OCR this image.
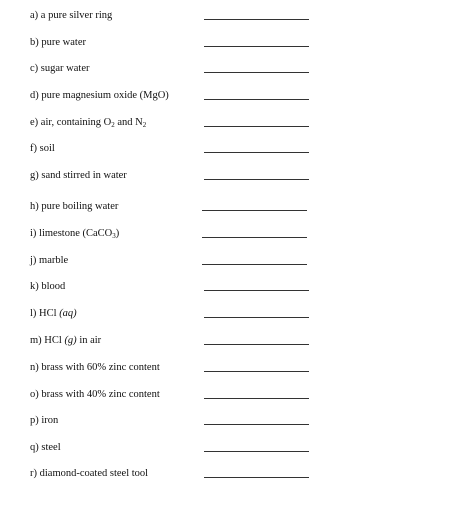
a) a pure silver ring
b) pure water
c) sugar water
d) pure magnesium oxide (MgO)
e) air, containing $O_2$ and $N_2$
f) soil
g) sand stirred in water
h) pure boiling water
i) limestone (CaCO$_3$)
j) marble
k) blood
l) HCl (aq)
m) HCl (g) in air
n) brass with 60% zinc content
o) brass with 40% zinc content
p) iron
q) steel
r) diamond-coated steel tool
